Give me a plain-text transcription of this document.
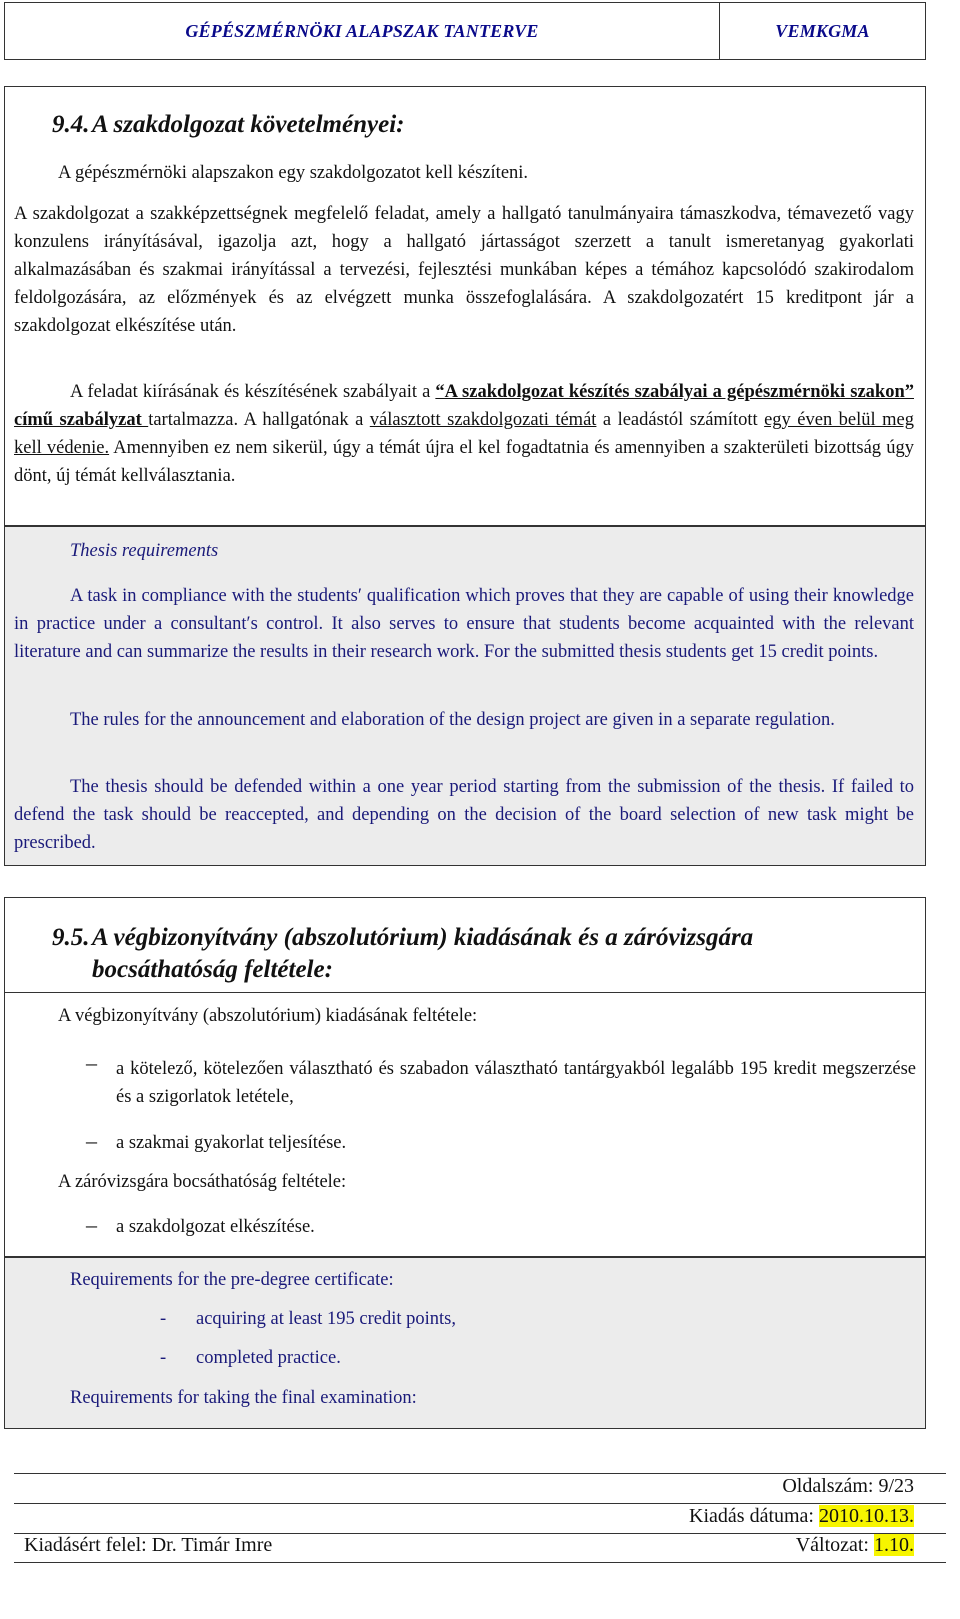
GÉPÉSZMÉRNÖKI ALAPSZAK TANTERVE	VEMKGMA
9.4. A szakdolgozat követelményei:

A gépészmérnöki alapszakon egy szakdolgozatot kell készíteni.

A szakdolgozat a szakképzettségnek megfelelő feladat, amely a hallgató tanulmányaira támaszkodva, témavezető vagy konzulens irányításával, igazolja azt, hogy a hallgató jártasságot szerzett a tanult ismeretanyag gyakorlati alkalmazásában és szakmai irányítással a tervezési, fejlesztési munkában képes a témához kapcsolódó szakirodalom feldolgozására, az előzmények és az elvégzett munka összefoglalására. A szakdolgozatért 15 kreditpont jár a szakdolgozat elkészítése után.

A feladat kiírásának és készítésének szabályait a “A szakdolgozat készítés szabályai a gépészmérnöki szakon” című szabályzat tartalmazza. A hallgatónak a választott szakdolgozati témát a leadástól számított egy éven belül meg kell védenie. Amennyiben ez nem sikerül, úgy a témát újra el kel fogadtatnia és amennyiben a szakterületi bizottság úgy dönt, új témát kellválasztania.

Thesis requirements

A task in compliance with the students′ qualification which proves that they are capable of using their knowledge in practice under a consultant′s control. It also serves to ensure that students become acquainted with the relevant literature and can summarize the results in their research work. For the submitted thesis students get 15 credit points.

The rules for the announcement and elaboration of the design project are given in a separate regulation.

The thesis should be defended within a one year period starting from the submission of the thesis. If failed to defend the task should be reaccepted, and depending on the decision of the board selection of new task might be prescribed.

9.5. A végbizonyítvány (abszolutórium) kiadásának és a záróvizsgára
bocsáthatóság feltétele:
A végbizonyítvány (abszolutórium) kiadásának feltétele:
– a kötelező, kötelezően választható és szabadon választható tantárgyakból legalább 195 kredit megszerzése és a szigorlatok letétele,
– a szakmai gyakorlat teljesítése.
A záróvizsgára bocsáthatóság feltétele:
– a szakdolgozat elkészítése.
Requirements for the pre-degree certificate:
- acquiring at least 195 credit points,
- completed practice.
Requirements for taking the final examination:
Oldalszám: 9/23
Kiadás dátuma: 2010.10.13.
Kiadásért felel: Dr. Timár Imre	Változat: 1.10.
